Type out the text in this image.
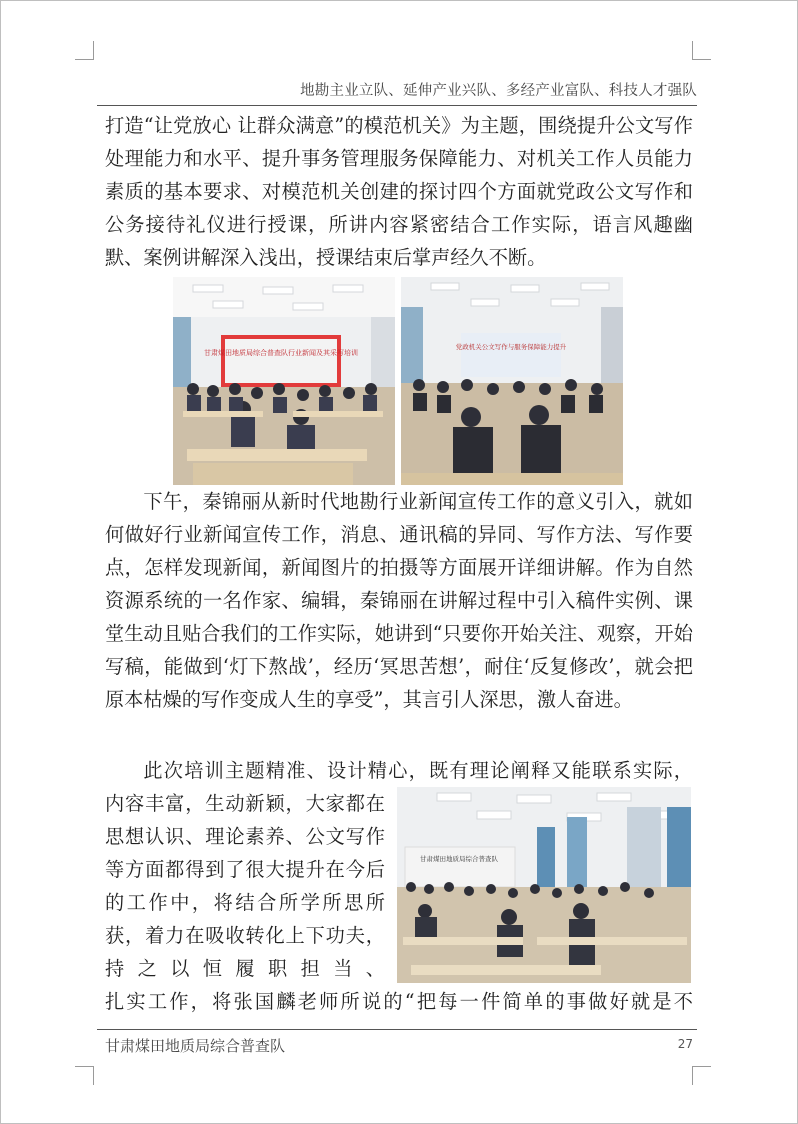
地勘主业立队、延伸产业兴队、多经产业富队、科技人才强队
打造“让党放心 让群众满意”的模范机关》为主题，围绕提升公文写作处理能力和水平、提升事务管理服务保障能力、对机关工作人员能力素质的基本要求、对模范机关创建的探讨四个方面就党政公文写作和公务接待礼仪进行授课，所讲内容紧密结合工作实际，语言风趣幽默、案例讲解深入浅出，授课结束后掌声经久不断。
甘肃煤田地质局综合普查队行业新闻及其采写培训
党政机关公文写作与服务保障能力提升
下午，秦锦丽从新时代地勘行业新闻宣传工作的意义引入，就如何做好行业新闻宣传工作，消息、通讯稿的异同、写作方法、写作要点，怎样发现新闻，新闻图片的拍摄等方面展开详细讲解。作为自然资源系统的一名作家、编辑，秦锦丽在讲解过程中引入稿件实例、课堂生动且贴合我们的工作实际，她讲到“只要你开始关注、观察，开始写稿，能做到‘灯下熬战’，经历‘冥思苦想’，耐住‘反复修改’，就会把原本枯燥的写作变成人生的享受”，其言引人深思，激人奋进。
此次培训主题精准、设计精心，既有理论阐释又能联系实际，
内容丰富，生动新颖，大家都在思想认识、理论素养、公文写作等方面都得到了很大提升在今后的工作中，将结合所学所思所获，着力在吸收转化上下功夫，持之以恒履职担当、
甘肃煤田地质局综合普查队
扎实工作，将张国麟老师所说的“把每一件简单的事做好就是不
甘肃煤田地质局综合普查队	27
